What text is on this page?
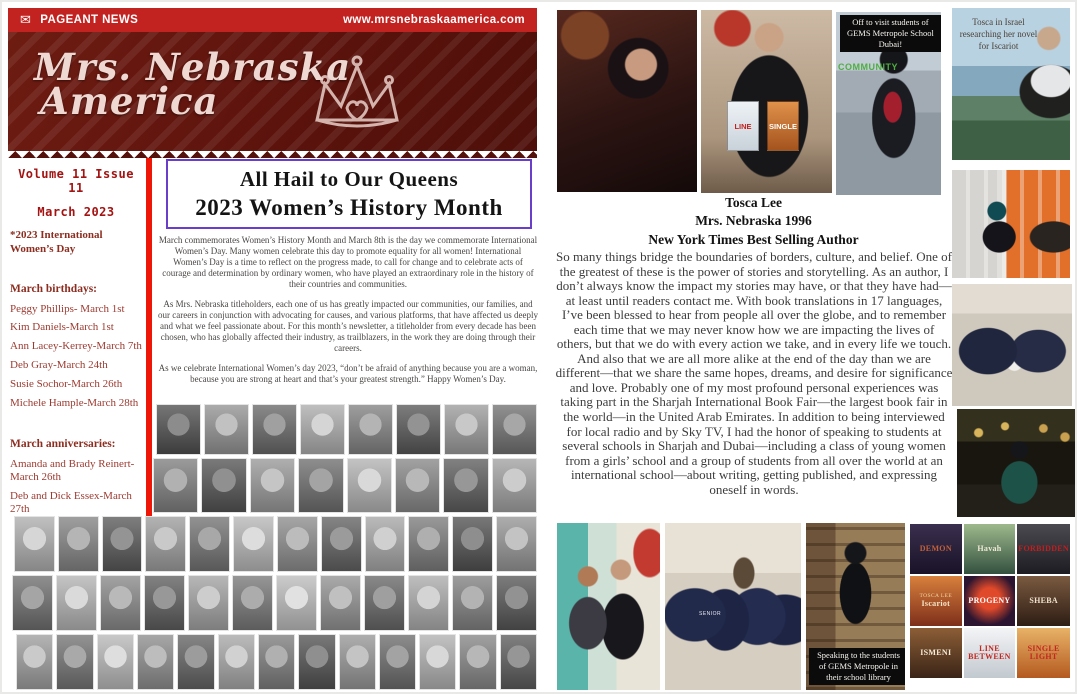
✉ PAGEANT NEWS	www.mrsnebraskaamerica.com
Mrs. Nebraska
America
Volume 11 Issue 11
March 2023
*2023 International Women’s Day
March birthdays:
Peggy Phillips- March 1st
Kim Daniels-March 1st
Ann Lacey-Kerrey-March 7th
Deb Gray-March 24th
Susie Sochor-March 26th
Michele Hample-March 28th
March anniversaries:
Amanda and Brady Reinert-March 26th
Deb and Dick Essex-March 27th
All Hail to Our Queens
2023 Women’s History Month

March commemorates Women’s History Month and March 8th is the day we commemorate International Women’s Day. Many women celebrate this day to promote equality for all women! International Women’s Day is a time to reflect on the progress made, to call for change and to celebrate acts of courage and determination by ordinary women, who have played an extraordinary role in the history of their countries and communities.

As Mrs. Nebraska titleholders, each one of us has greatly impacted our communities, our families, and our careers in conjunction with advocating for causes, and various platforms, that have affected us deeply and what we feel passionate about. For this month’s newsletter, a titleholder from every decade has been chosen, who has globally affected their industry, as trailblazers, in the work they are doing through their careers.

As we celebrate International Women’s day 2023, “don’t be afraid of anything because you are a woman, because you are strong at heart and that’s your greatest strength.” Happy Women’s Day.

LINE	SINGLE
Off to visit students of GEMS Metropole School Dubai!
COMMUNITY
Tosca in Israel researching her novel for Iscariot
Tosca Lee
Mrs. Nebraska 1996
New York Times Best Selling Author
So many things bridge the boundaries of borders, culture, and belief. One of the greatest of these is the power of stories and storytelling. As an author, I don’t always know the impact my stories may have, or that they have had—at least until readers contact me. With book translations in 17 languages, I’ve been blessed to hear from people all over the globe, and to remember each time that we may never know how we are impacting the lives of others, but that we do with every action we take, and in every life we touch. And also that we are all more alike at the end of the day than we are different—that we share the same hopes, dreams, and desire for significance and love. Probably one of my most profound personal experiences was taking part in the Sharjah International Book Fair—the largest book fair in the world—in the United Arab Emirates. In addition to being interviewed for local radio and by Sky TV, I had the honor of speaking to students at several schools in Sharjah and Dubai—including a class of young women from a girls’ school and a group of students from all over the world at an international school—about writing, getting published, and expressing oneself in words.
SENIOR
Speaking to the students of GEMS Metropole in their school library
DEMON	Havah FORBIDDEN
TOSCA LEE
Iscariot PROGENY SHEBA
ISMENI	LINE BETWEEN
SINGLE LIGHT
